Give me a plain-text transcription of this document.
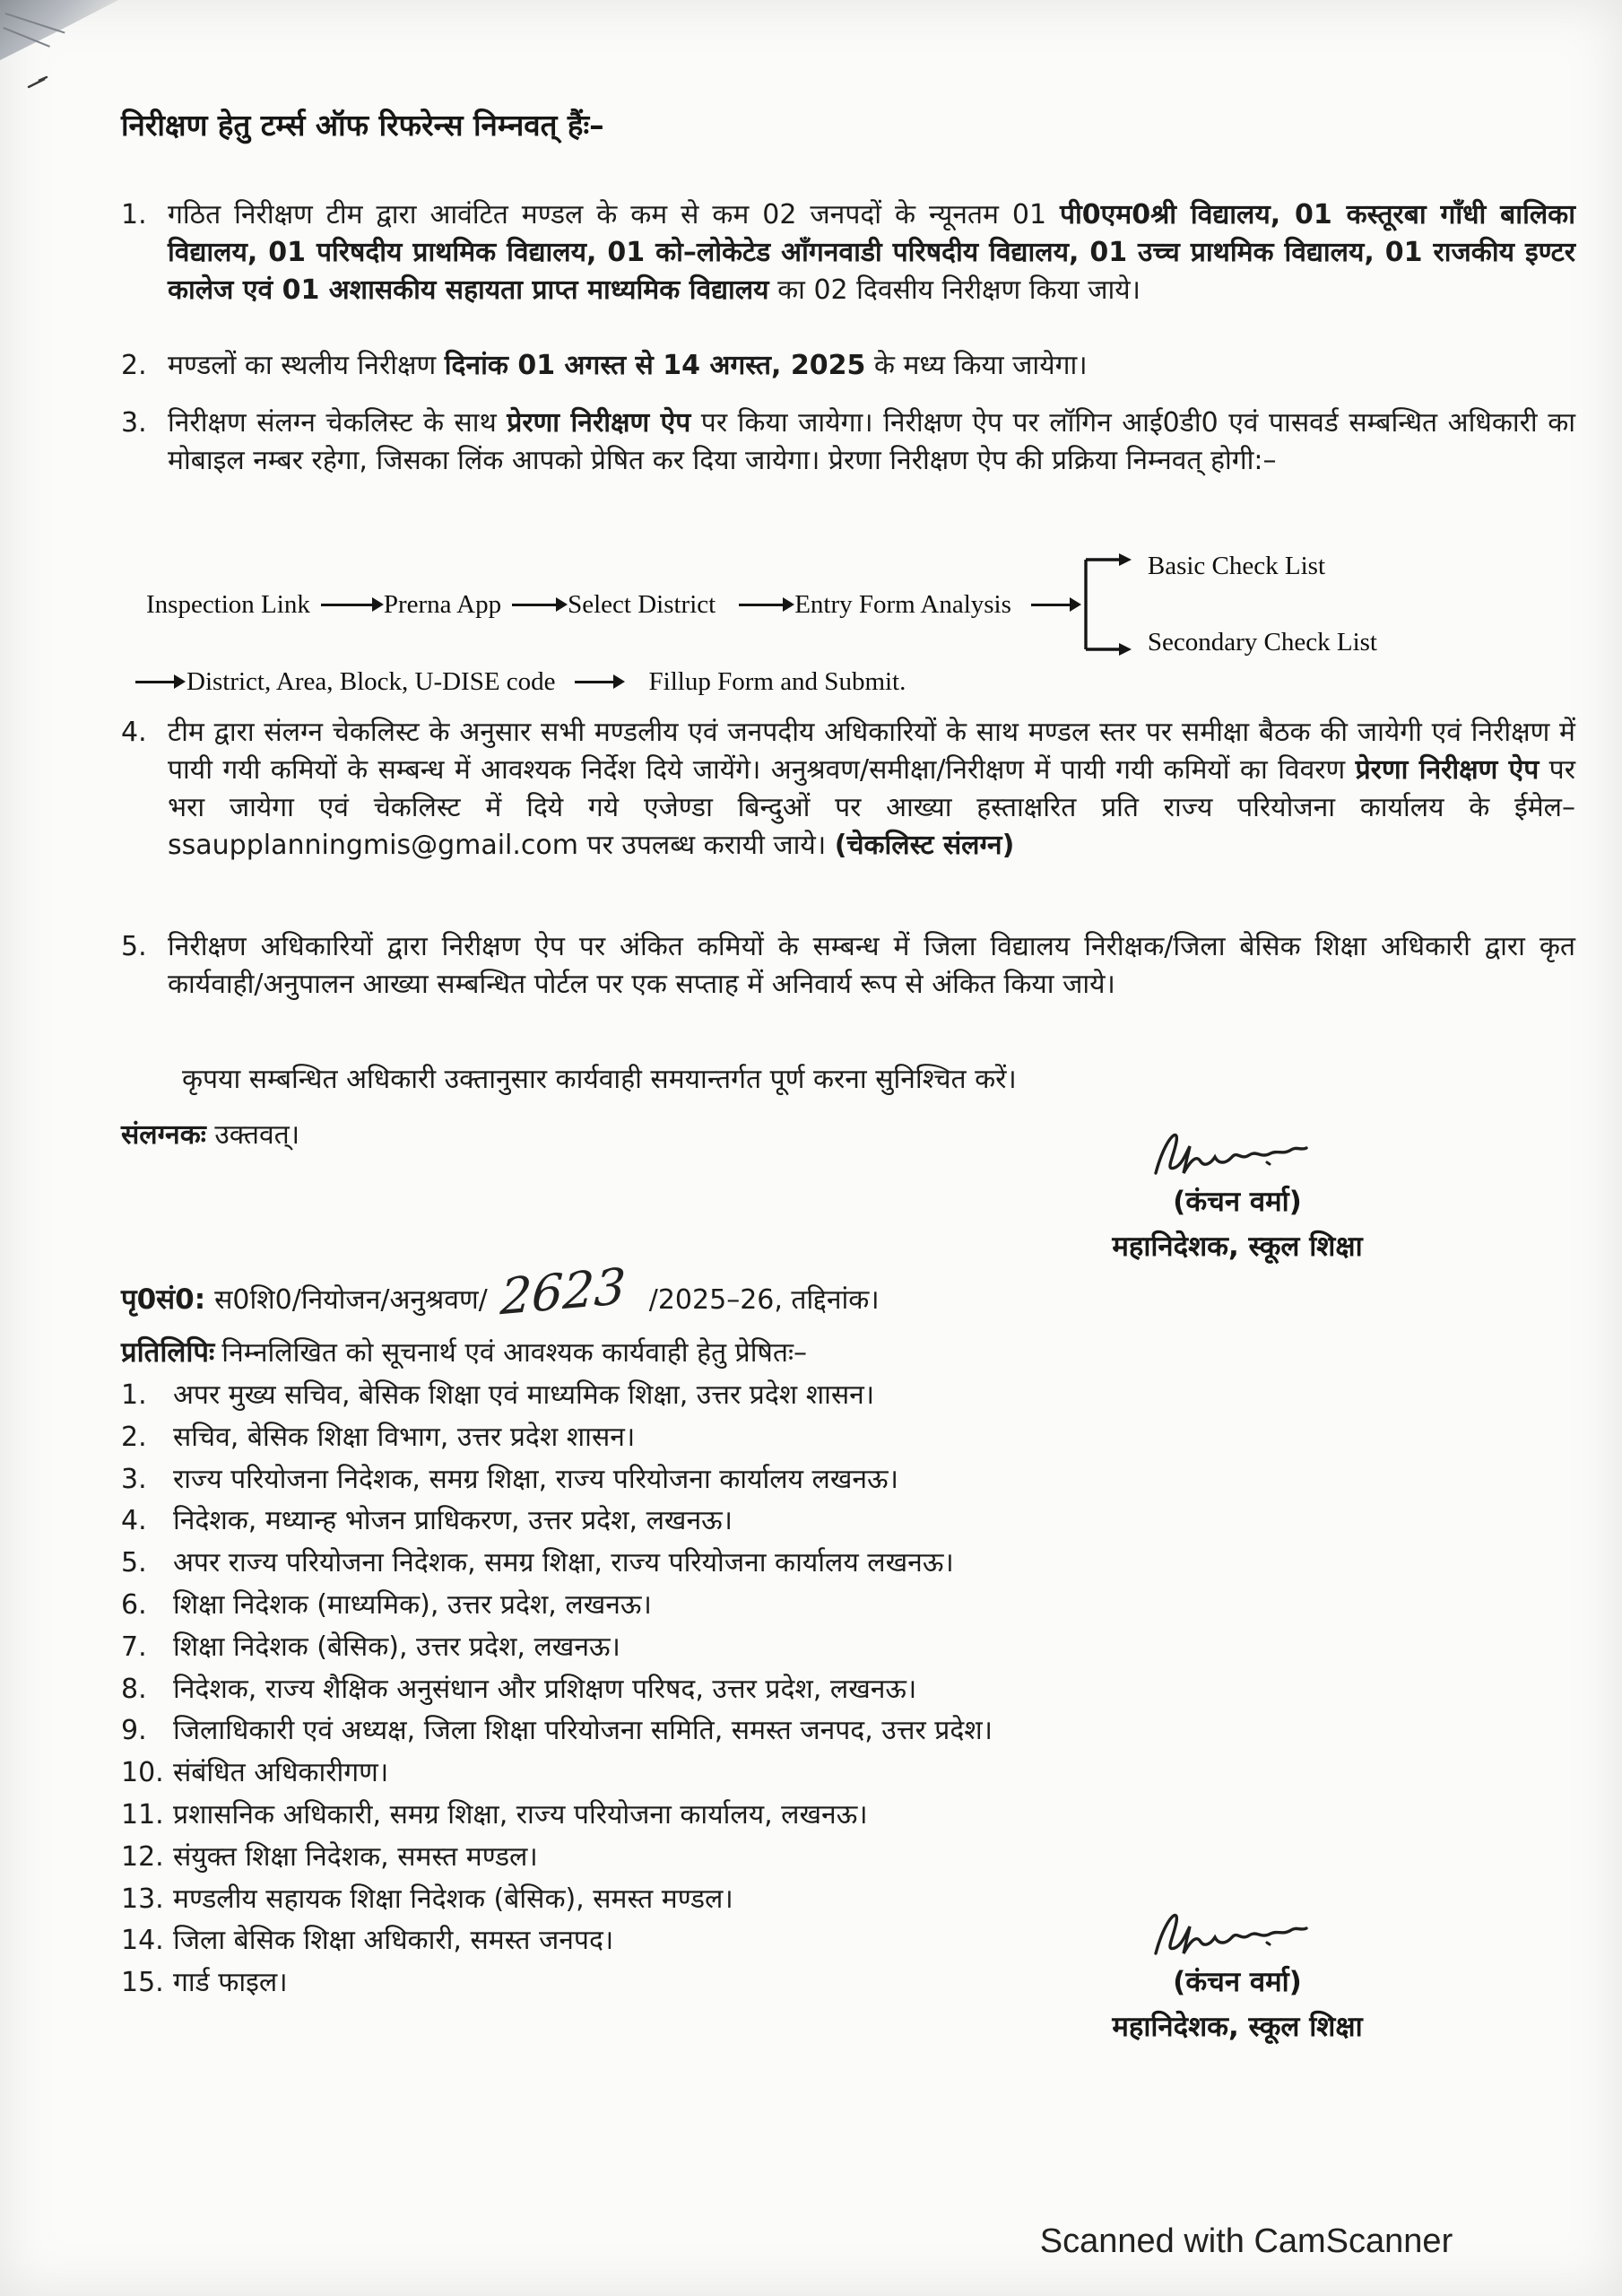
निरीक्षण हेतु टर्म्स ऑफ रिफरेन्स निम्नवत् हैंः–
1. गठित निरीक्षण टीम द्वारा आवंटित मण्डल के कम से कम 02 जनपदों के न्यूनतम 01 पी0एम0श्री विद्यालय, 01 कस्तूरबा गाँधी बालिका विद्यालय, 01 परिषदीय प्राथमिक विद्यालय, 01 को–लोकेटेड आँगनवाडी परिषदीय विद्यालय, 01 उच्च प्राथमिक विद्यालय, 01 राजकीय इण्टर कालेज एवं 01 अशासकीय सहायता प्राप्त माध्यमिक विद्यालय का 02 दिवसीय निरीक्षण किया जाये।
2. मण्डलों का स्थलीय निरीक्षण दिनांक 01 अगस्त से 14 अगस्त, 2025 के मध्य किया जायेगा।
3. निरीक्षण संलग्न चेकलिस्ट के साथ प्रेरणा निरीक्षण ऐप पर किया जायेगा। निरीक्षण ऐप पर लॉगिन आई0डी0 एवं पासवर्ड सम्बन्धित अधिकारी का मोबाइल नम्बर रहेगा, जिसका लिंक आपको प्रेषित कर दिया जायेगा। प्रेरणा निरीक्षण ऐप की प्रक्रिया निम्नवत् होगी:–
Inspection Link	Prerna App	Select District	Entry Form Analysis
Basic Check List
Secondary Check List
District, Area, Block, U-DISE code	Fillup Form and Submit.
4. टीम द्वारा संलग्न चेकलिस्ट के अनुसार सभी मण्डलीय एवं जनपदीय अधिकारियों के साथ मण्डल स्तर पर समीक्षा बैठक की जायेगी एवं निरीक्षण में पायी गयी कमियों के सम्बन्ध में आवश्यक निर्देश दिये जायेंगे। अनुश्रवण/समीक्षा/निरीक्षण में पायी गयी कमियों का विवरण प्रेरणा निरीक्षण ऐप पर भरा जायेगा एवं चेकलिस्ट में दिये गये एजेण्डा बिन्दुओं पर आख्या हस्ताक्षरित प्रति राज्य परियोजना कार्यालय के ईमेल– ssaupplanningmis@gmail.com पर उपलब्ध करायी जाये। (चेकलिस्ट संलग्न)
5. निरीक्षण अधिकारियों द्वारा निरीक्षण ऐप पर अंकित कमियों के सम्बन्ध में जिला विद्यालय निरीक्षक/जिला बेसिक शिक्षा अधिकारी द्वारा कृत कार्यवाही/अनुपालन आख्या सम्बन्धित पोर्टल पर एक सप्ताह में अनिवार्य रूप से अंकित किया जाये।
कृपया सम्बन्धित अधिकारी उक्तानुसार कार्यवाही समयान्तर्गत पूर्ण करना सुनिश्चित करें।
संलग्नकः उक्तवत्।
(कंचन वर्मा)
महानिदेशक, स्कूल शिक्षा
पृ0सं0: स0शि0/नियोजन/अनुश्रवण/ 2623 /2025–26, तद्दिनांक।
प्रतिलिपिः निम्नलिखित को सूचनार्थ एवं आवश्यक कार्यवाही हेतु प्रेषितः–
1. अपर मुख्य सचिव, बेसिक शिक्षा एवं माध्यमिक शिक्षा, उत्तर प्रदेश शासन।
2. सचिव, बेसिक शिक्षा विभाग, उत्तर प्रदेश शासन।
3. राज्य परियोजना निदेशक, समग्र शिक्षा, राज्य परियोजना कार्यालय लखनऊ।
4. निदेशक, मध्यान्ह भोजन प्राधिकरण, उत्तर प्रदेश, लखनऊ।
5. अपर राज्य परियोजना निदेशक, समग्र शिक्षा, राज्य परियोजना कार्यालय लखनऊ।
6. शिक्षा निदेशक (माध्यमिक), उत्तर प्रदेश, लखनऊ।
7. शिक्षा निदेशक (बेसिक), उत्तर प्रदेश, लखनऊ।
8. निदेशक, राज्य शैक्षिक अनुसंधान और प्रशिक्षण परिषद, उत्तर प्रदेश, लखनऊ।
9. जिलाधिकारी एवं अध्यक्ष, जिला शिक्षा परियोजना समिति, समस्त जनपद, उत्तर प्रदेश।
10. संबंधित अधिकारीगण।
11. प्रशासनिक अधिकारी, समग्र शिक्षा, राज्य परियोजना कार्यालय, लखनऊ।
12. संयुक्त शिक्षा निदेशक, समस्त मण्डल।
13. मण्डलीय सहायक शिक्षा निदेशक (बेसिक), समस्त मण्डल।
14. जिला बेसिक शिक्षा अधिकारी, समस्त जनपद।
15. गार्ड फाइल।	(कंचन वर्मा)
महानिदेशक, स्कूल शिक्षा
Scanned with CamScanner
